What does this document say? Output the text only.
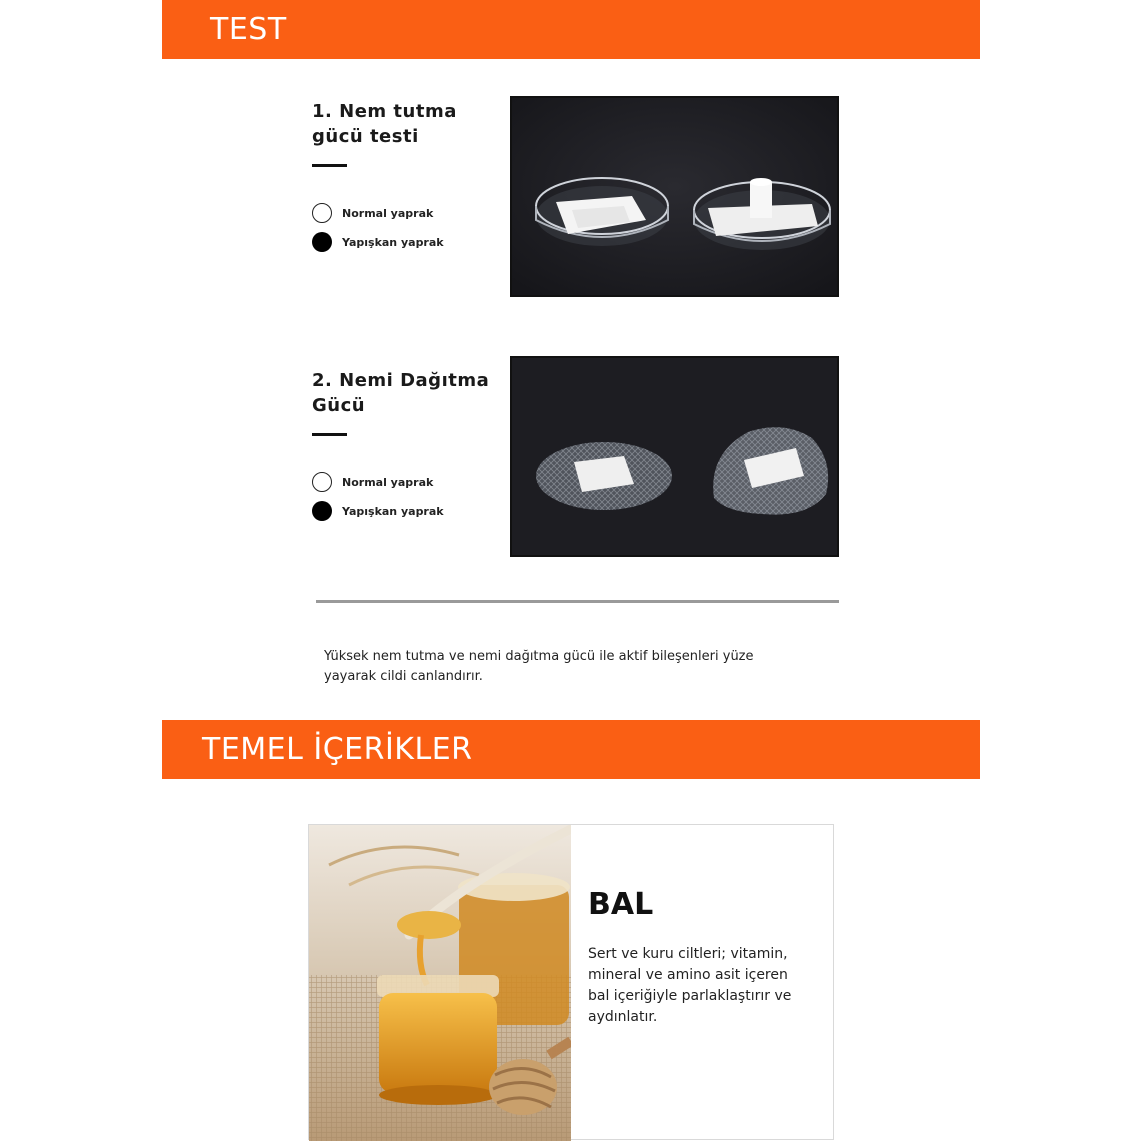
TEST
1. Nem tutma
gücü testi
Normal yaprak
Yapışkan yaprak
2. Nemi Dağıtma
Gücü
Normal yaprak
Yapışkan yaprak
Yüksek nem tutma ve nemi dağıtma gücü ile aktif bileşenleri yüze
yayarak cildi canlandırır.
TEMEL İÇERİKLER
BAL
Sert ve kuru ciltleri; vitamin,
mineral ve amino asit içeren
bal içeriğiyle parlaklaştırır ve
aydınlatır.
